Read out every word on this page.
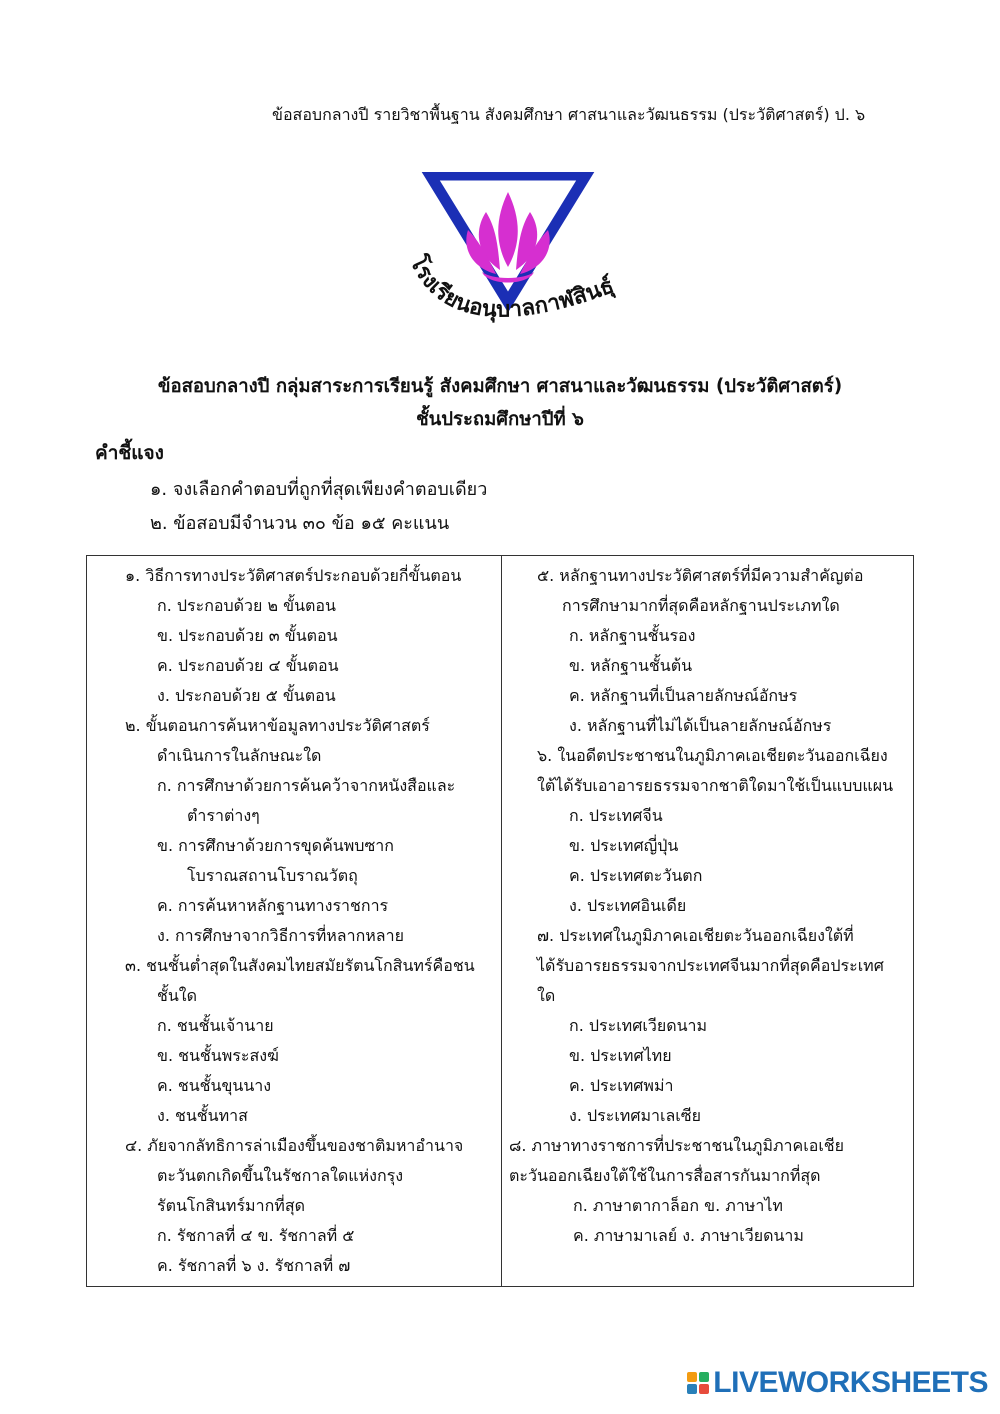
ข้อสอบกลางปี รายวิชาพื้นฐาน สังคมศึกษา ศาสนาและวัฒนธรรม (ประวัติศาสตร์) ป. ๖
โรงเรียนอนุบาลกาฬสินธุ์
ข้อสอบกลางปี กลุ่มสาระการเรียนรู้ สังคมศึกษา ศาสนาและวัฒนธรรม (ประวัติศาสตร์)
ชั้นประถมศึกษาปีที่ ๖
คำชี้แจง
๑. จงเลือกคำตอบที่ถูกที่สุดเพียงคำตอบเดียว
๒. ข้อสอบมีจำนวน ๓๐ ข้อ ๑๕ คะแนน
๑. วิธีการทางประวัติศาสตร์ประกอบด้วยกี่ขั้นตอน
ก. ประกอบด้วย ๒ ขั้นตอน
ข. ประกอบด้วย ๓ ขั้นตอน
ค. ประกอบด้วย ๔ ขั้นตอน
ง. ประกอบด้วย ๕ ขั้นตอน
๒. ขั้นตอนการค้นหาข้อมูลทางประวัติศาสตร์
ดำเนินการในลักษณะใด
ก. การศึกษาด้วยการค้นคว้าจากหนังสือและ
ตำราต่างๆ
ข. การศึกษาด้วยการขุดค้นพบซาก
โบราณสถานโบราณวัตถุ
ค. การค้นหาหลักฐานทางราชการ
ง. การศึกษาจากวิธีการที่หลากหลาย
๓. ชนชั้นต่ำสุดในสังคมไทยสมัยรัตนโกสินทร์คือชน
ชั้นใด
ก. ชนชั้นเจ้านาย
ข. ชนชั้นพระสงฆ์
ค. ชนชั้นขุนนาง
ง. ชนชั้นทาส
๔. ภัยจากลัทธิการล่าเมืองขึ้นของชาติมหาอำนาจ
ตะวันตกเกิดขึ้นในรัชกาลใดแห่งกรุง
รัตนโกสินทร์มากที่สุด
ก. รัชกาลที่ ๔ ข. รัชกาลที่ ๕
ค. รัชกาลที่ ๖ ง. รัชกาลที่ ๗
๕. หลักฐานทางประวัติศาสตร์ที่มีความสำคัญต่อ
การศึกษามากที่สุดคือหลักฐานประเภทใด
ก. หลักฐานชั้นรอง
ข. หลักฐานชั้นต้น
ค. หลักฐานที่เป็นลายลักษณ์อักษร
ง. หลักฐานที่ไม่ได้เป็นลายลักษณ์อักษร
๖. ในอดีตประชาชนในภูมิภาคเอเชียตะวันออกเฉียง
ใต้ได้รับเอาอารยธรรมจากชาติใดมาใช้เป็นแบบแผน
ก. ประเทศจีน
ข. ประเทศญี่ปุ่น
ค. ประเทศตะวันตก
ง. ประเทศอินเดีย
๗. ประเทศในภูมิภาคเอเชียตะวันออกเฉียงใต้ที่
ได้รับอารยธรรมจากประเทศจีนมากที่สุดคือประเทศ
ใด
ก. ประเทศเวียดนาม
ข. ประเทศไทย
ค. ประเทศพม่า
ง. ประเทศมาเลเซีย
๘. ภาษาทางราชการที่ประชาชนในภูมิภาคเอเชีย
ตะวันออกเฉียงใต้ใช้ในการสื่อสารกันมากที่สุด
ก. ภาษาตากาล็อก ข. ภาษาไท
ค. ภาษามาเลย์ ง. ภาษาเวียดนาม
LIVEWORKSHEETS
